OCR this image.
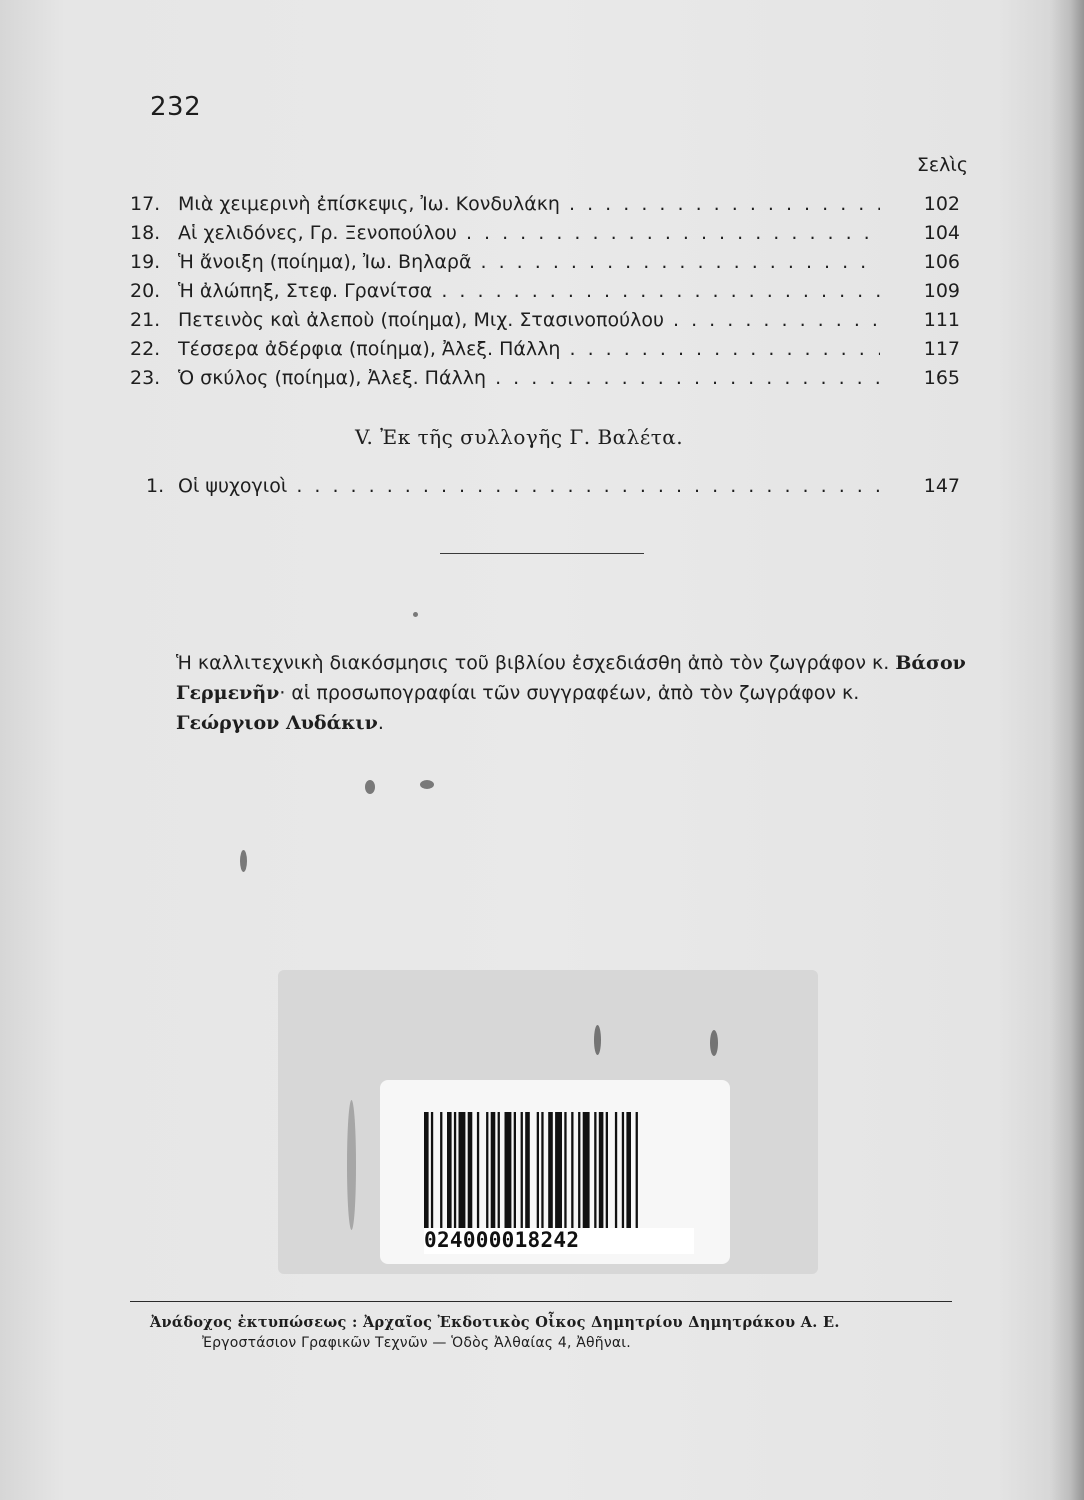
232
Σελὶς
17. Μιὰ χειμερινὴ ἐπίσκεψις, Ἰω. Κονδυλάκη . . .	102
18. Αἱ χελιδόνες, Γρ. Ξενοπούλου . . .	104
19. Ἡ ἄνοιξη (ποίημα), Ἰω. Βηλαρᾶ . . .	106
20. Ἡ ἀλώπηξ, Στεφ. Γρανίτσα . . .	109
21. Πετεινὸς καὶ ἀλεποὺ (ποίημα), Μιχ. Στασινοπούλου . . .	111
22. Τέσσερα ἀδέρφια (ποίημα), Ἀλεξ. Πάλλη . . .	117
23. Ὁ σκύλος (ποίημα), Ἀλεξ. Πάλλη . . .	165
V. Ἐκ τῆς συλλογῆς Γ. Βαλέτα.
1. Οἱ ψυχογιοὶ . . .	147
Ἡ καλλιτεχνικὴ διακόσμησις τοῦ βιβλίου ἐσχεδιάσθη ἀπὸ τὸν ζωγράφον κ. Βάσον Γερμενῆν· αἱ προσωπογραφίαι τῶν συγγραφέων, ἀπὸ τὸν ζωγράφον κ. Γεώργιον Λυδάκιν.
024000018242
Ἀνάδοχος ἐκτυπώσεως : Ἀρχαῖος Ἐκδοτικὸς Οἶκος Δημητρίου Δημητράκου Α. Ε.
Ἐργοστάσιον Γραφικῶν Τεχνῶν — Ὁδὸς Ἀλθαίας 4, Ἀθῆναι.
